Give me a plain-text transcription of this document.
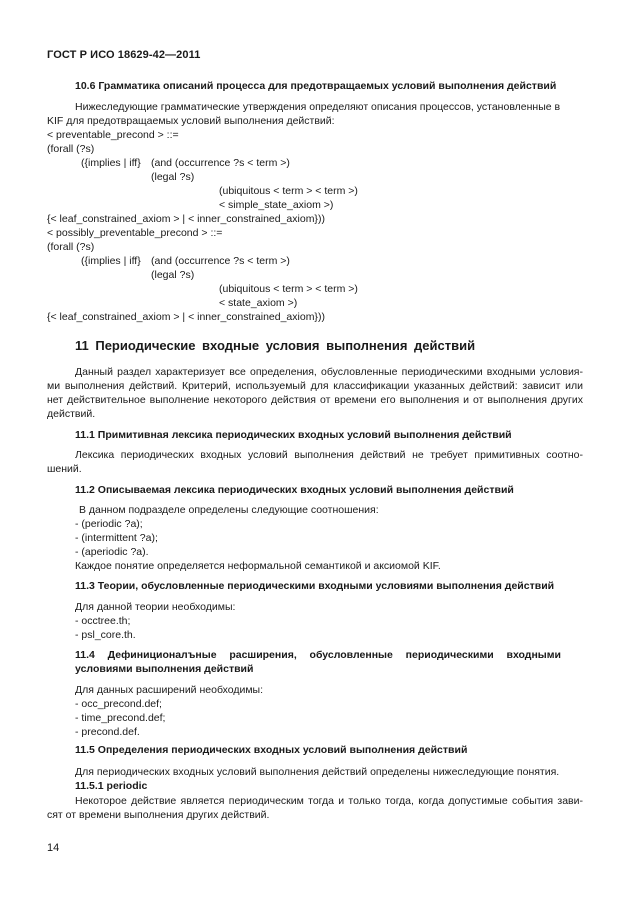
ГОСТ Р ИСО 18629-42—2011
10.6 Грамматика описаний процесса для предотвращаемых условий выполнения действий
Нижеследующие грамматические утверждения определяют описания процессов, установленные в
KIF для предотвращаемых условий выполнения действий:
< preventable_precond > ::=
(forall (?s)
({implies | iff} (and (occurrence ?s < term >)
(legal ?s)
(ubiquitous < term > < term >)
< simple_state_axiom >)
{< leaf_constrained_axiom > | < inner_constrained_axiom}))
< possibly_preventable_precond > ::=
(forall (?s)
({implies | iff} (and (occurrence ?s < term >)
(legal ?s)
(ubiquitous < term > < term >)
< state_axiom >)
{< leaf_constrained_axiom > | < inner_constrained_axiom}))
11 Периодические входные условия выполнения действий
Данный раздел характеризует все определения, обусловленные периодическими входными условия-
ми выполнения действий. Критерий, используемый для классификации указанных действий: зависит или
нет действительное выполнение некоторого действия от времени его выполнения и от выполнения других
действий.
11.1 Примитивная лексика периодических входных условий выполнения действий
Лексика периодических входных условий выполнения действий не требует примитивных соотно-
шений.
11.2 Описываемая лексика периодических входных условий выполнения действий
В данном подразделе определены следующие соотношения:
- (periodic ?a);
- (intermittent ?a);
- (aperiodic ?a).
Каждое понятие определяется неформальной семантикой и аксиомой KIF.
11.3 Теории, обусловленные периодическими входными условиями выполнения действий
Для данной теории необходимы:
- occtree.th;
- psl_core.th.
11.4 Дефиниционалъные расширения, обусловленные периодическими входными
условиями выполнения действий
Для данных расширений необходимы:
- occ_precond.def;
- time_precond.def;
- precond.def.
11.5 Определения периодических входных условий выполнения действий
Для периодических входных условий выполнения действий определены нижеследующие понятия.
11.5.1 periodic
Некоторое действие является периодическим тогда и только тогда, когда допустимые события зави-
сят от времени выполнения других действий.
14
